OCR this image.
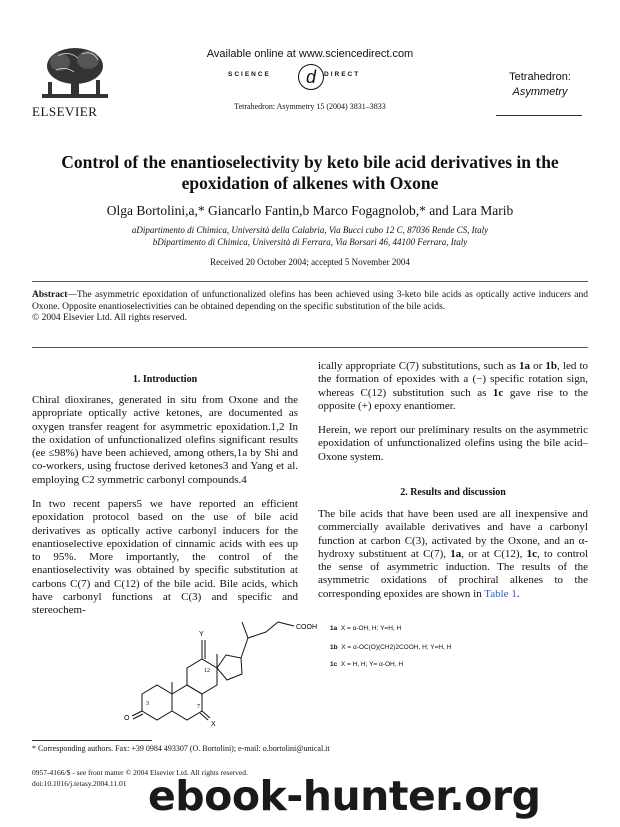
ELSEVIER
Available online at www.sciencedirect.com
SCIENCE	d	DIRECT
Tetrahedron: Asymmetry 15 (2004) 3831–3833
Tetrahedron:
Asymmetry
Control of the enantioselectivity by keto bile acid derivatives in the epoxidation of alkenes with Oxone
Olga Bortolini,a,* Giancarlo Fantin,b Marco Fogagnolob,* and Lara Marib
aDipartimento di Chimica, Università della Calabria, Via Bucci cubo 12 C, 87036 Rende CS, Italy
bDipartimento di Chimica, Università di Ferrara, Via Borsari 46, 44100 Ferrara, Italy
Received 20 October 2004; accepted 5 November 2004
Abstract—The asymmetric epoxidation of unfunctionalized olefins has been achieved using 3-keto bile acids as optically active inducers and Oxone. Opposite enantioselectivities can be obtained depending on the specific substitution of the bile acids.
© 2004 Elsevier Ltd. All rights reserved.
1. Introduction
Chiral dioxiranes, generated in situ from Oxone and the appropriate optically active ketones, are documented as oxygen transfer reagent for asymmetric epoxidation.1,2 In the oxidation of unfunctionalized olefins significant results (ee ≤98%) have been achieved, among others,1a by Shi and co-workers, using fructose derived ketones3 and Yang et al. employing C2 symmetric carbonyl compounds.4
In two recent papers5 we have reported an efficient epoxidation protocol based on the use of bile acid derivatives as optically active carbonyl inducers for the enantioselective epoxidation of cinnamic acids with ees up to 95%. More importantly, the control of the enantioselectivity was obtained by specific substitution at carbons C(7) and C(12) of the bile acid. Bile acids, which have carbonyl functions at C(3) and specific and stereochem-
ically appropriate C(7) substitutions, such as 1a or 1b, led to the formation of epoxides with a (−) specific rotation sign, whereas C(12) substitution such as 1c gave rise to the opposite (+) epoxy enantiomer.
Herein, we report our preliminary results on the asymmetric epoxidation of unfunctionalized olefins using the bile acid–Oxone system.
2. Results and discussion
The bile acids that have been used are all inexpensive and commercially available derivatives and have a carbonyl function at carbon C(3), activated by the Oxone, and an α-hydroxy substituent at C(7), 1a, or at C(12), 1c, to control the sense of asymmetric induction. The results of the asymmetric oxidations of prochiral alkenes to the corresponding epoxides are shown in Table 1.
COOH
Y
X
O
12
3	7
1a X = α-OH, H; Y=H, H
1b X = α-OC(O)(CH2)2COOH, H; Y=H, H
1c X = H, H; Y= α-OH, H
* Corresponding authors. Fax: +39 0984 493307 (O. Bortolini); e-mail: o.bortolini@unical.it
0957-4166/$ - see front matter © 2004 Elsevier Ltd. All rights reserved.
doi:10.1016/j.tetasy.2004.11.01 ebook-hunter.org
